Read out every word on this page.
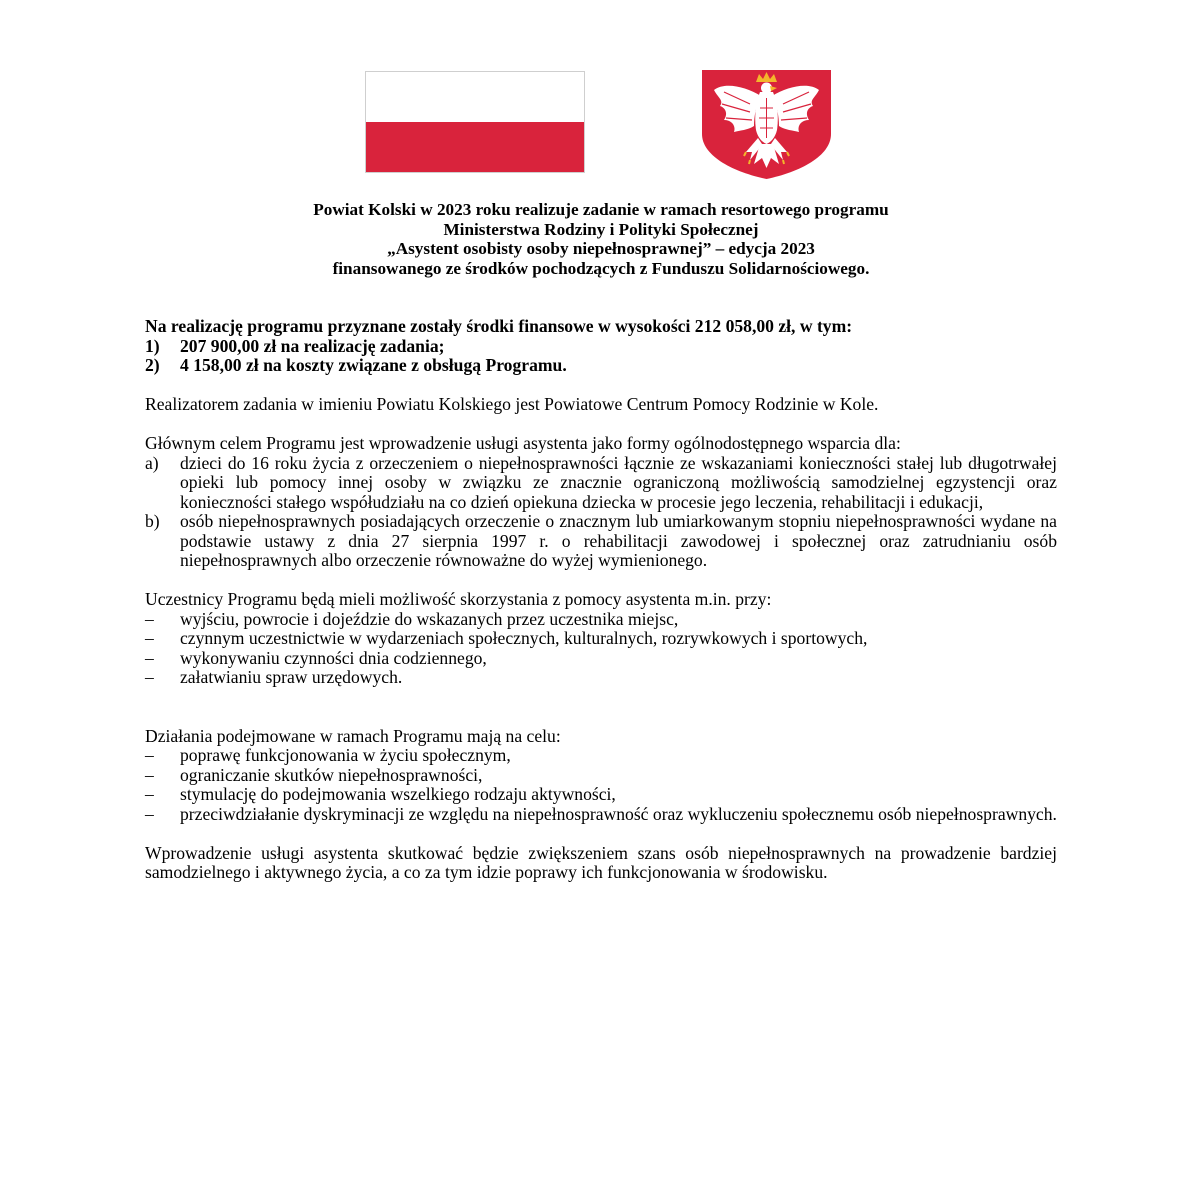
Powiat Kolski w 2023 roku realizuje zadanie w ramach resortowego programu
Ministerstwa Rodziny i Polityki Społecznej
„Asystent osobisty osoby niepełnosprawnej” – edycja 2023
finansowanego ze środków pochodzących z Funduszu Solidarnościowego.

Na realizację programu przyznane zostały środki finansowe w wysokości 212 058,00 zł, w tym:

1) 207 900,00 zł na realizację zadania;
2) 4 158,00 zł na koszty związane z obsługą Programu.

Realizatorem zadania w imieniu Powiatu Kolskiego jest Powiatowe Centrum Pomocy Rodzinie w Kole.

Głównym celem Programu jest wprowadzenie usługi asystenta jako formy ogólnodostępnego wsparcia dla:

a) dzieci do 16 roku życia z orzeczeniem o niepełnosprawności łącznie ze wskazaniami konieczności stałej lub długotrwałej opieki lub pomocy innej osoby w związku ze znacznie ograniczoną możliwością samodzielnej egzystencji oraz konieczności stałego współudziału na co dzień opiekuna dziecka w procesie jego leczenia, rehabilitacji i edukacji,
b) osób niepełnosprawnych posiadających orzeczenie o znacznym lub umiarkowanym stopniu niepełnosprawności wydane na podstawie ustawy z dnia 27 sierpnia 1997 r. o rehabilitacji zawodowej i społecznej oraz zatrudnianiu osób niepełnosprawnych albo orzeczenie równoważne do wyżej wymienionego.

Uczestnicy Programu będą mieli możliwość skorzystania z pomocy asystenta m.in. przy:

– wyjściu, powrocie i dojeździe do wskazanych przez uczestnika miejsc,
– czynnym uczestnictwie w wydarzeniach społecznych, kulturalnych, rozrywkowych i sportowych,
– wykonywaniu czynności dnia codziennego,
– załatwianiu spraw urzędowych.

Działania podejmowane w ramach Programu mają na celu:

– poprawę funkcjonowania w życiu społecznym,
– ograniczanie skutków niepełnosprawności,
– stymulację do podejmowania wszelkiego rodzaju aktywności,
– przeciwdziałanie dyskryminacji ze względu na niepełnosprawność oraz wykluczeniu społecznemu osób niepełnosprawnych.

Wprowadzenie usługi asystenta skutkować będzie zwiększeniem szans osób niepełnosprawnych na prowadzenie bardziej samodzielnego i aktywnego życia, a co za tym idzie poprawy ich funkcjonowania w środowisku.
